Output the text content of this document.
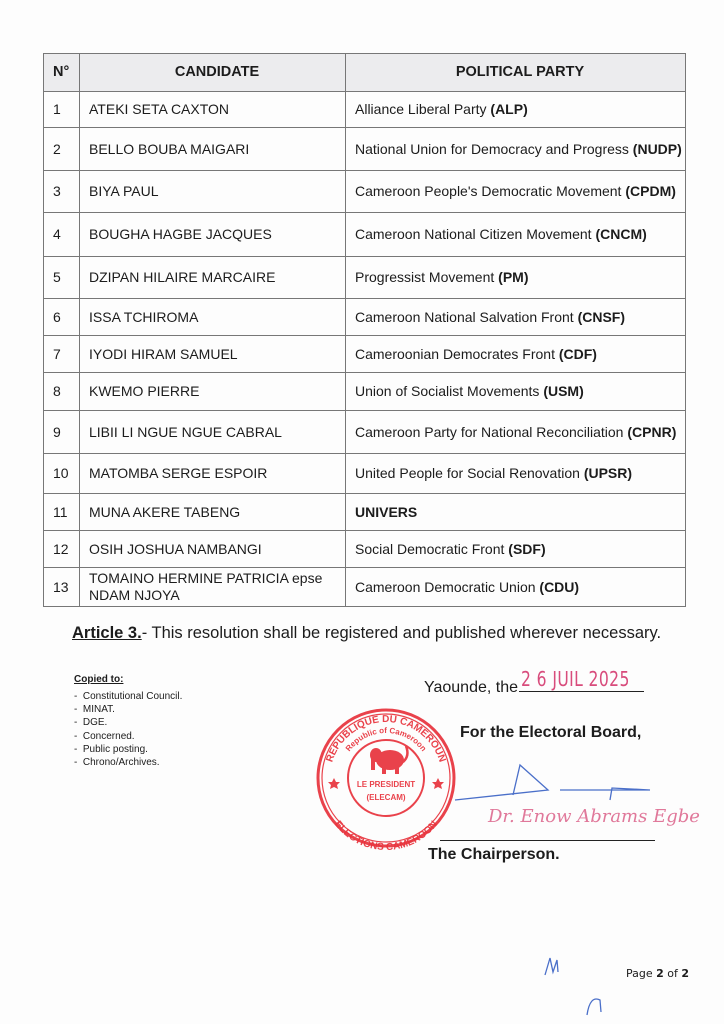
N°	CANDIDATE	POLITICAL PARTY
1	ATEKI SETA CAXTON	Alliance Liberal Party (ALP)
2	BELLO BOUBA MAIGARI	National Union for Democracy and Progress (NUDP)
3	BIYA PAUL	Cameroon People's Democratic Movement (CPDM)
4	BOUGHA HAGBE JACQUES	Cameroon National Citizen Movement (CNCM)
5	DZIPAN HILAIRE MARCAIRE	Progressist Movement (PM)
6	ISSA TCHIROMA	Cameroon National Salvation Front (CNSF)
7	IYODI HIRAM SAMUEL	Cameroonian Democrates Front (CDF)
8	KWEMO PIERRE	Union of Socialist Movements (USM)
9	LIBII LI NGUE NGUE CABRAL	Cameroon Party for National Reconciliation (CPNR)
10	MATOMBA SERGE ESPOIR	United People for Social Renovation (UPSR)
11	MUNA AKERE TABENG	UNIVERS
12	OSIH JOSHUA NAMBANGI	Social Democratic Front (SDF)
13	TOMAINO HERMINE PATRICIA epse NDAM NJOYA	Cameroon Democratic Union (CDU)
Article 3.- This resolution shall be registered and published wherever necessary.
Copied to:
- Constitutional Council.
- MINAT.
- DGE.
- Concerned.
- Public posting.
- Chrono/Archives.
Yaounde, the 2 6 JUIL 2025
REPUBLIQUE DU CAMEROUN
Republic of Cameroon
ELECTIONS CAMEROON
LE PRESIDENT
(ELECAM)
For the Electoral Board,
Dr. Enow Abrams Egbe
The Chairperson.
Page 2 of 2
